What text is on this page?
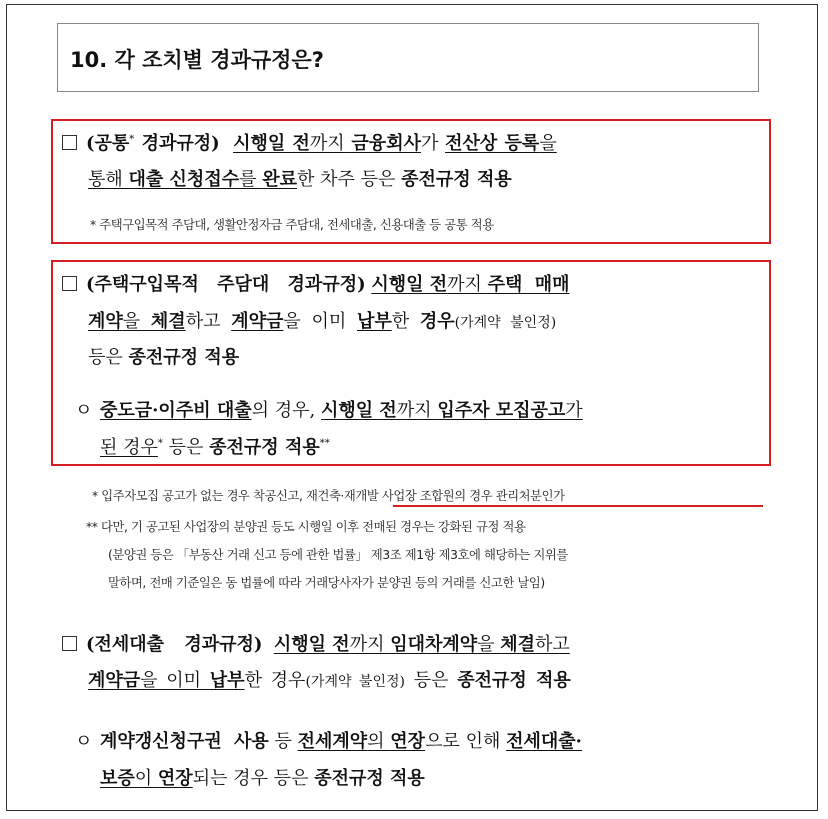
10. 각 조치별 경과규정은?
(공통* 경과규정) 시행일 전까지 금융회사가 전산상 등록을
통해 대출 신청접수를 완료한 차주 등은 종전규정 적용
* 주택구입목적 주담대, 생활안정자금 주담대, 전세대출, 신용대출 등 공통 적용
(주택구입목적 주담대 경과규정) 시행일 전까지 주택 매매
계약을 체결하고 계약금을 이미 납부한 경우(가계약 불인정)
등은 종전규정 적용
ㅇ 중도금·이주비 대출의 경우, 시행일 전까지 입주자 모집공고가
된 경우* 등은 종전규정 적용**
* 입주자모집 공고가 없는 경우 착공신고, 재건축·재개발 사업장 조합원의 경우 관리처분인가
** 다만, 기 공고된 사업장의 분양권 등도 시행일 이후 전매된 경우는 강화된 규정 적용
(분양권 등은 「부동산 거래 신고 등에 관한 법률」 제3조 제1항 제3호에 해당하는 지위를
말하며, 전매 기준일은 동 법률에 따라 거래당사자가 분양권 등의 거래를 신고한 날임)
(전세대출 경과규정) 시행일 전까지 임대차계약을 체결하고
계약금을 이미 납부한 경우(가계약 불인정) 등은 종전규정 적용
ㅇ 계약갱신청구권 사용 등 전세계약의 연장으로 인해 전세대출·
보증이 연장되는 경우 등은 종전규정 적용
